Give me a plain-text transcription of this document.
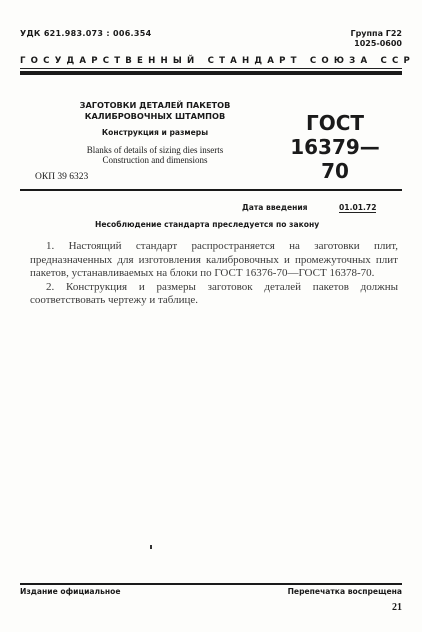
УДК 621.983.073 : 006.354	Группа Г22
1025-0600
ГОСУДАРСТВЕННЫЙ СТАНДАРТ СОЮЗА ССР
ЗАГОТОВКИ ДЕТАЛЕЙ ПАКЕТОВ
КАЛИБРОВОЧНЫХ ШТАМПОВ
Конструкция и размеры
Blanks of details of sizing dies inserts
Construction and dimensions
ГОСТ
16379—70
ОКП 39 6323
Дата введения	01.01.72
Несоблюдение стандарта преследуется по закону

1. Настоящий стандарт распространяется на заготовки плит, предназначенных для изготовления калибровочных и промежуточных плит пакетов, устанавливаемых на блоки по ГОСТ 16376-70—ГОСТ 16378-70.

2. Конструкция и размеры заготовок деталей пакетов должны соответствовать чертежу и таблице.

Издание официальное	Перепечатка воспрещена
21
